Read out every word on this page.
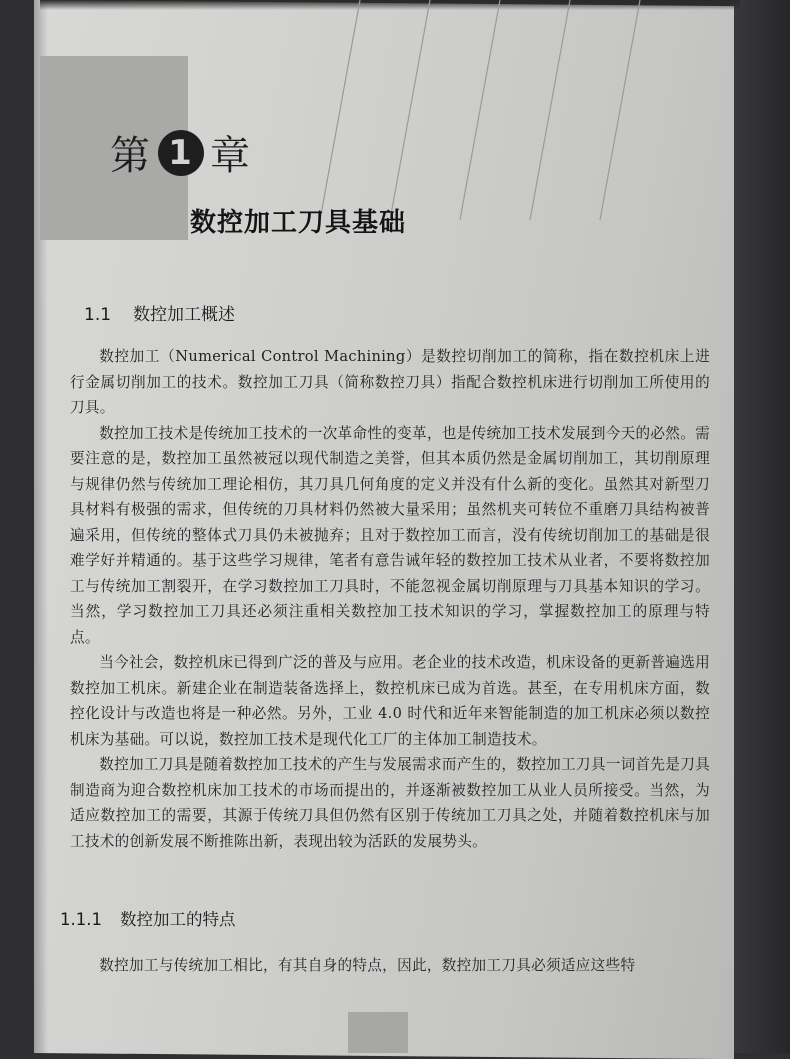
第 1 章
数控加工刀具基础
1.1 数控加工概述

数控加工（Numerical Control Machining）是数控切削加工的简称，指在数控机床上进行金属切削加工的技术。数控加工刀具（简称数控刀具）指配合数控机床进行切削加工所使用的刀具。

数控加工技术是传统加工技术的一次革命性的变革，也是传统加工技术发展到今天的必然。需要注意的是，数控加工虽然被冠以现代制造之美誉，但其本质仍然是金属切削加工，其切削原理与规律仍然与传统加工理论相仿，其刀具几何角度的定义并没有什么新的变化。虽然其对新型刀具材料有极强的需求，但传统的刀具材料仍然被大量采用；虽然机夹可转位不重磨刀具结构被普遍采用，但传统的整体式刀具仍未被抛弃；且对于数控加工而言，没有传统切削加工的基础是很难学好并精通的。基于这些学习规律，笔者有意告诫年轻的数控加工技术从业者，不要将数控加工与传统加工割裂开，在学习数控加工刀具时，不能忽视金属切削原理与刀具基本知识的学习。当然，学习数控加工刀具还必须注重相关数控加工技术知识的学习，掌握数控加工的原理与特点。

当今社会，数控机床已得到广泛的普及与应用。老企业的技术改造，机床设备的更新普遍选用数控加工机床。新建企业在制造装备选择上，数控机床已成为首选。甚至，在专用机床方面，数控化设计与改造也将是一种必然。另外，工业 4.0 时代和近年来智能制造的加工机床必须以数控机床为基础。可以说，数控加工技术是现代化工厂的主体加工制造技术。

数控加工刀具是随着数控加工技术的产生与发展需求而产生的，数控加工刀具一词首先是刀具制造商为迎合数控机床加工技术的市场而提出的，并逐渐被数控加工从业人员所接受。当然，为适应数控加工的需要，其源于传统刀具但仍然有区别于传统加工刀具之处，并随着数控机床与加工技术的创新发展不断推陈出新，表现出较为活跃的发展势头。

1.1.1 数控加工的特点
数控加工与传统加工相比，有其自身的特点，因此，数控加工刀具必须适应这些特
